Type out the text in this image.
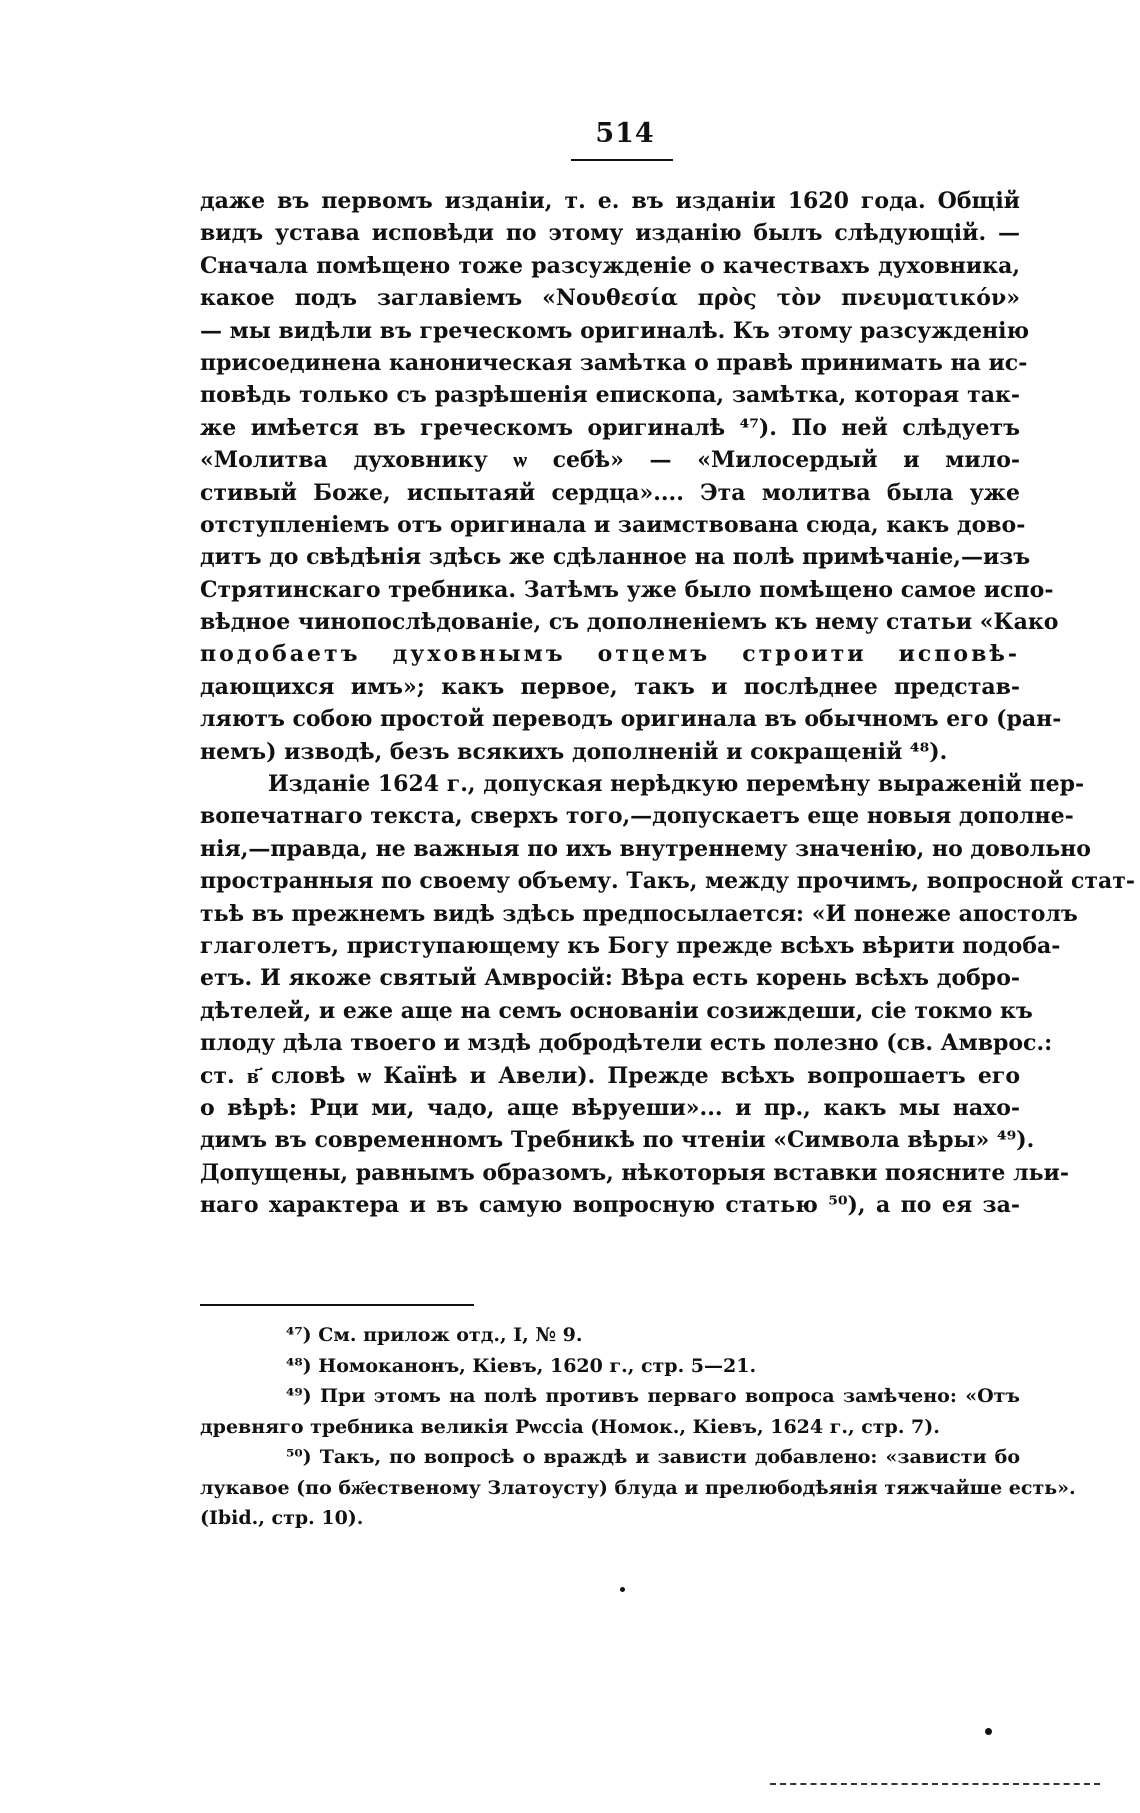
514
даже въ первомъ изданіи, т. е. въ изданіи 1620 года. Общій
видъ устава исповѣди по этому изданію былъ слѣдующій. —
Сначала помѣщено тоже разсужденіе о качествахъ духовника,
какое подъ заглавіемъ «Νουθεσία πρὸς τὸν πνευματικόν»
— мы видѣли въ греческомъ оригиналѣ. Къ этому разсужденію
присоединена каноническая замѣтка о правѣ принимать на ис-
повѣдь только съ разрѣшенія епископа, замѣтка, которая так-
же имѣется въ греческомъ оригиналѣ ⁴⁷). По ней слѣдуетъ
«Молитва духовнику ѡ себѣ» — «Милосердый и мило-
стивый Боже, испытаяй сердца».... Эта молитва была уже
отступленіемъ отъ оригинала и заимствована сюда, какъ дово-
дитъ до свѣдѣнія здѣсь же сдѣланное на полѣ примѣчаніе,—изъ
Стрятинскаго требника. Затѣмъ уже было помѣщено самое испо-
вѣдное чинопослѣдованіе, съ дополненіемъ къ нему статьи «Како
подобаетъ духовнымъ отцемъ строити исповѣ-
дающихся имъ»; какъ первое, такъ и послѣднее представ-
ляютъ собою простой переводъ оригинала въ обычномъ его (ран-
немъ) изводѣ, безъ всякихъ дополненій и сокращеній ⁴⁸).
Изданіе 1624 г., допуская нерѣдкую перемѣну выраженій пер-
вопечатнаго текста, сверхъ того,—допускаетъ еще новыя дополне-
нія,—правда, не важныя по ихъ внутреннему значенію, но довольно
пространныя по своему объему. Такъ, между прочимъ, вопросной стат-
тьѣ въ прежнемъ видѣ здѣсь предпосылается: «И понеже апостолъ
глаголетъ, приступающему къ Богу прежде всѣхъ вѣрити подоба-
етъ. И якоже святый Амвросій: Вѣра есть корень всѣхъ добро-
дѣтелей, и еже аще на семъ основаніи созиждеши, сіе токмо къ
плоду дѣла твоего и мздѣ добродѣтели есть полезно (св. Амврос.:
ст. в҃ словѣ ѡ Каїнѣ и Авели). Прежде всѣхъ вопрошаетъ его
о вѣрѣ: Рци ми, чадо, аще вѣруеши»... и пр., какъ мы нахо-
димъ въ современномъ Требникѣ по чтеніи «Символа вѣры» ⁴⁹).
Допущены, равнымъ образомъ, нѣкоторыя вставки поясните льи-
наго характера и въ самую вопросную статью ⁵⁰), а по ея за-
⁴⁷) См. прилож отд., I, № 9.
⁴⁸) Номоканонъ, Кіевъ, 1620 г., стр. 5—21.
⁴⁹) При этомъ на полѣ противъ перваго вопроса замѣчено: «Отъ
древняго требника великія Рѡссіа (Номок., Кіевъ, 1624 г., стр. 7).
⁵⁰) Такъ, по вопросѣ о враждѣ и зависти добавлено: «зависти бо
лукавое (по бж҃ественому Златоусту) блуда и прелюбодѣянія тяжчайше есть».
(Ibid., стр. 10).
